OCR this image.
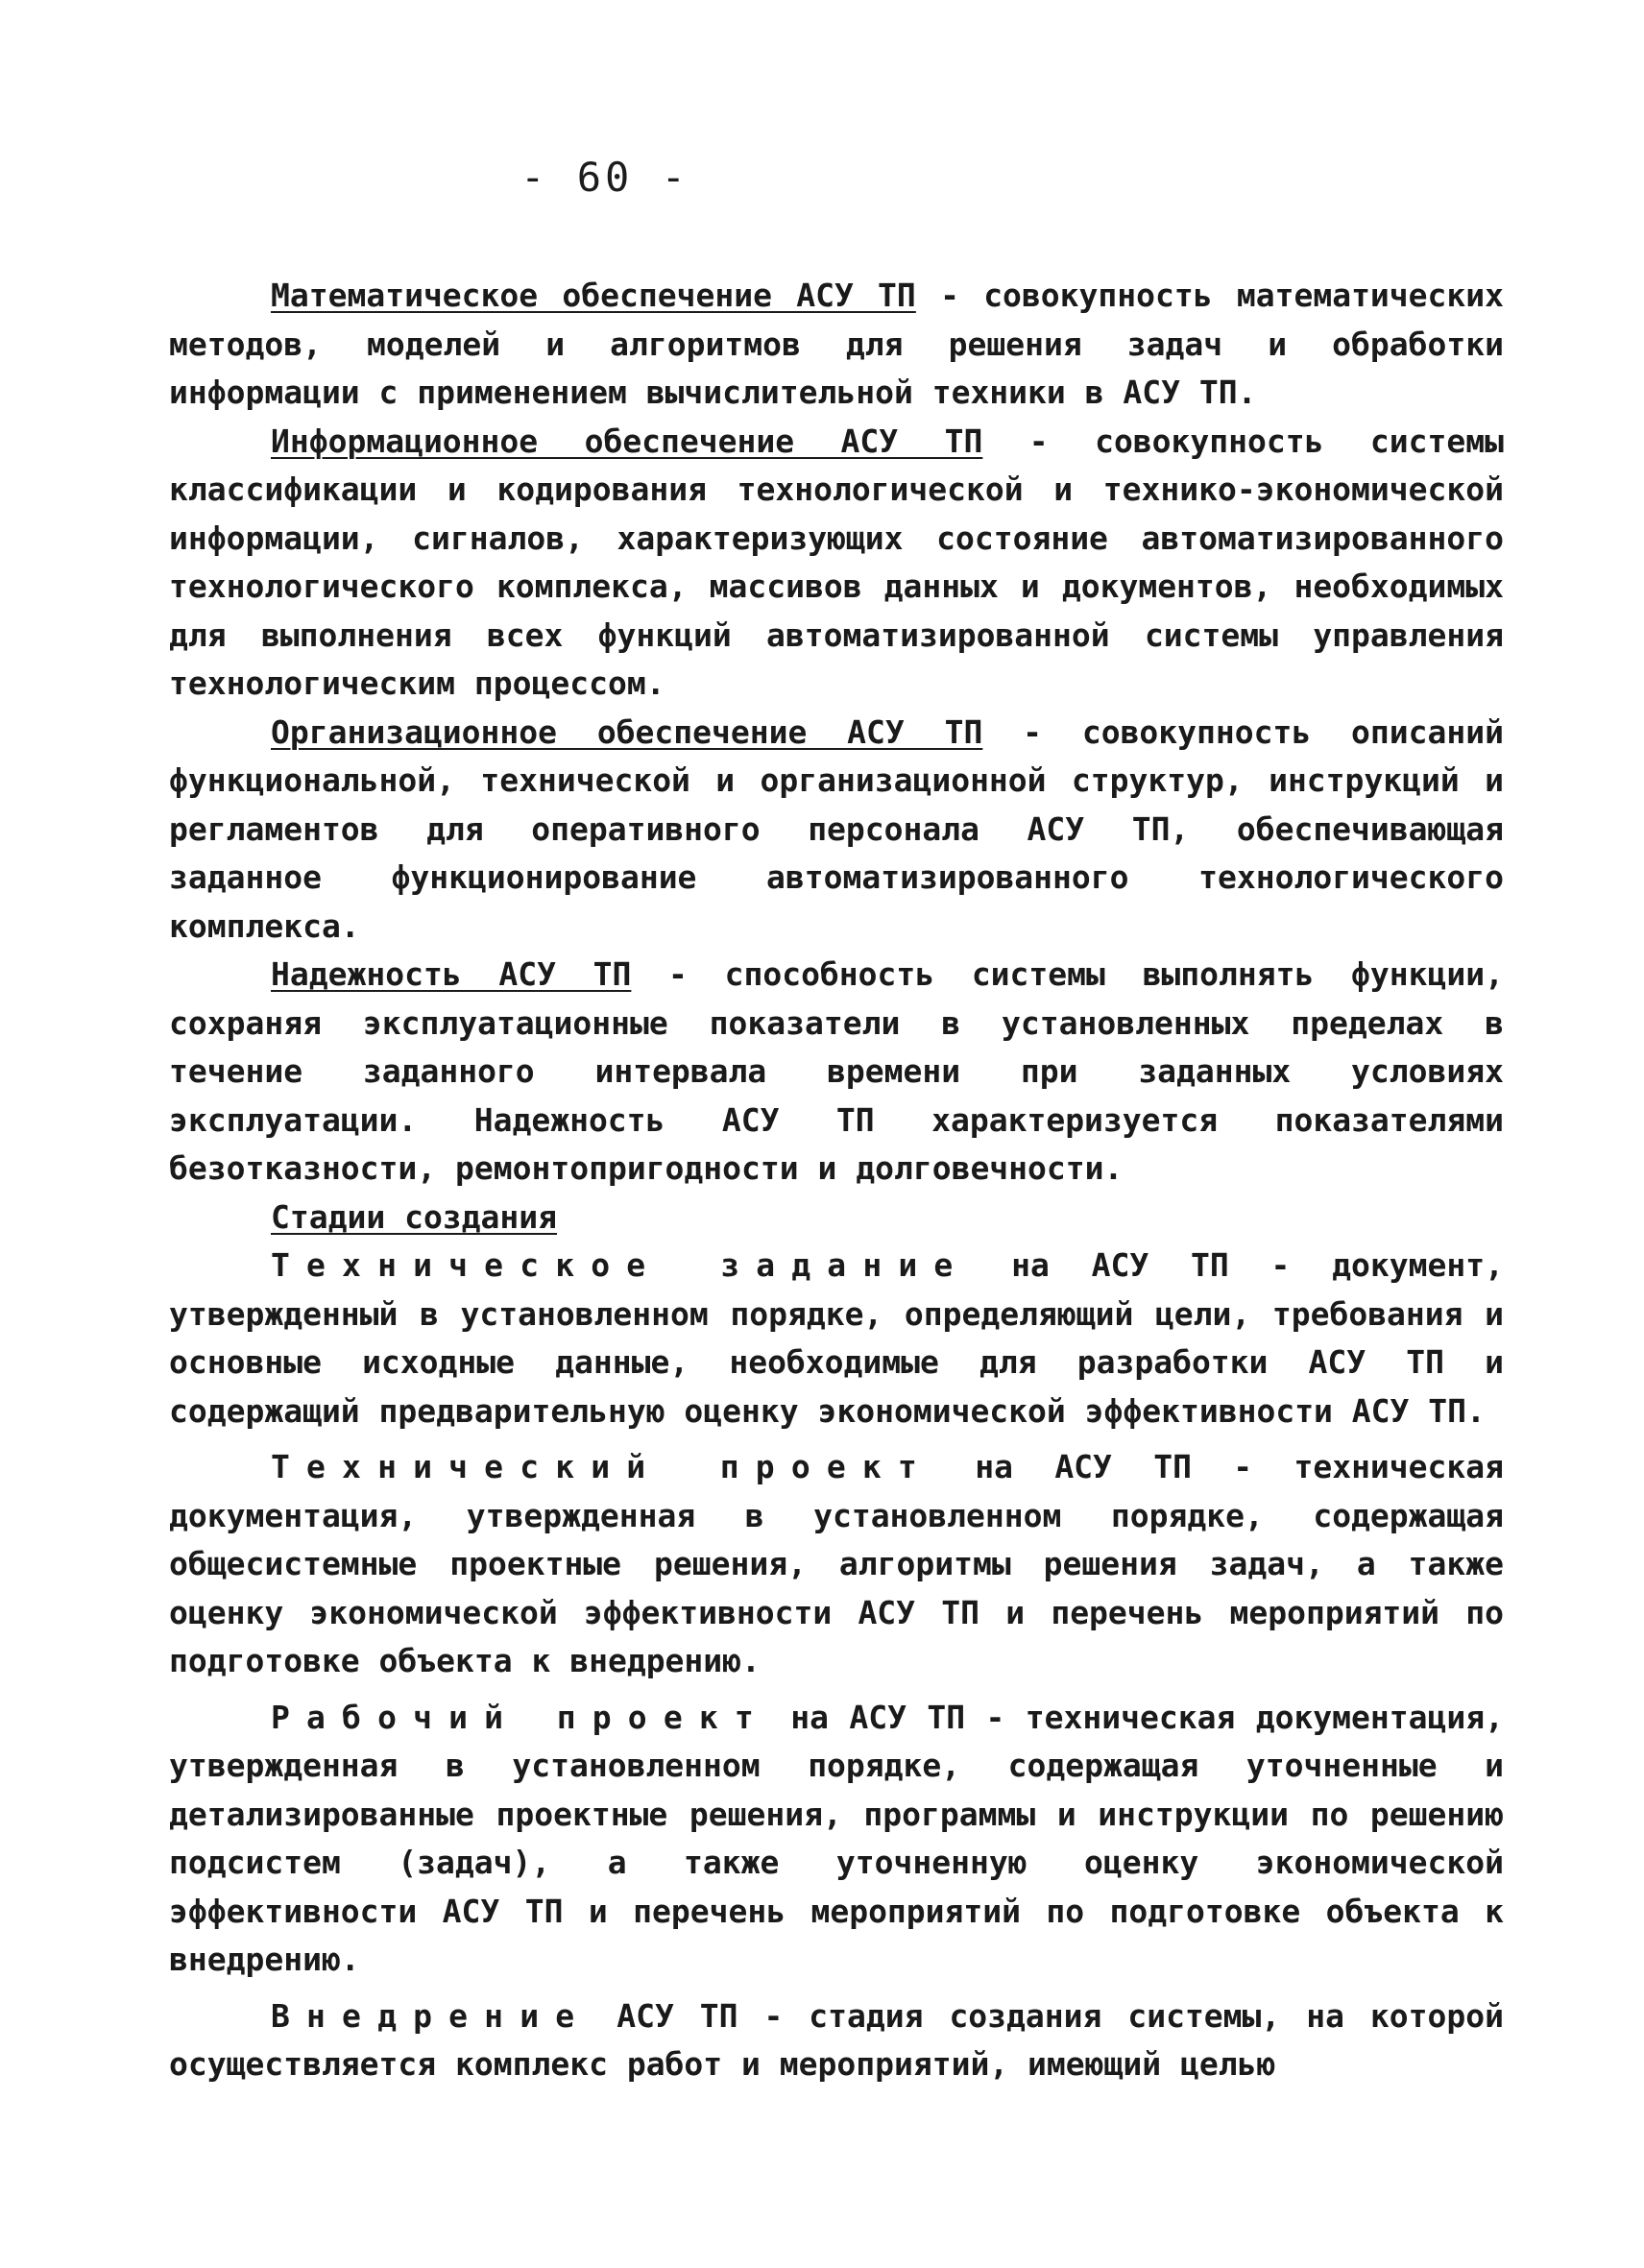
- 60 -

Математическое обеспечение АСУ ТП - совокупность математических методов, моделей и алгоритмов для решения задач и обработки информации с применением вычислительной техники в АСУ ТП.

Информационное обеспечение АСУ ТП - совокупность системы классификации и кодирования технологической и технико-экономической информации, сигналов, характеризующих состояние автоматизированного технологического комплекса, массивов данных и документов, необходимых для выполнения всех функций автоматизированной системы управления технологическим процессом.

Организационное обеспечение АСУ ТП - совокупность описаний функциональной, технической и организационной структур, инструкций и регламентов для оперативного персонала АСУ ТП, обеспечивающая заданное функционирование автоматизированного технологического комплекса.

Надежность АСУ ТП - способность системы выполнять функции, сохраняя эксплуатационные показатели в установленных пределах в течение заданного интервала времени при заданных условиях эксплуатации. Надежность АСУ ТП характеризуется показателями безотказности, ремонтопригодности и долговечности.

Стадии создания

Техническое задание на АСУ ТП - документ, утвержденный в установленном порядке, определяющий цели, требования и основные исходные данные, необходимые для разработки АСУ ТП и содержащий предварительную оценку экономической эффективности АСУ ТП.

Технический проект на АСУ ТП - техническая документация, утвержденная в установленном порядке, содержащая общесистемные проектные решения, алгоритмы решения задач, а также оценку экономической эффективности АСУ ТП и перечень мероприятий по подготовке объекта к внедрению.

Рабочий проект на АСУ ТП - техническая документация, утвержденная в установленном порядке, содержащая уточненные и детализированные проектные решения, программы и инструкции по решению подсистем (задач), а также уточненную оценку экономической эффективности АСУ ТП и перечень мероприятий по подготовке объекта к внедрению.

Внедрение АСУ ТП - стадия создания системы, на которой осуществляется комплекс работ и мероприятий, имеющий целью
